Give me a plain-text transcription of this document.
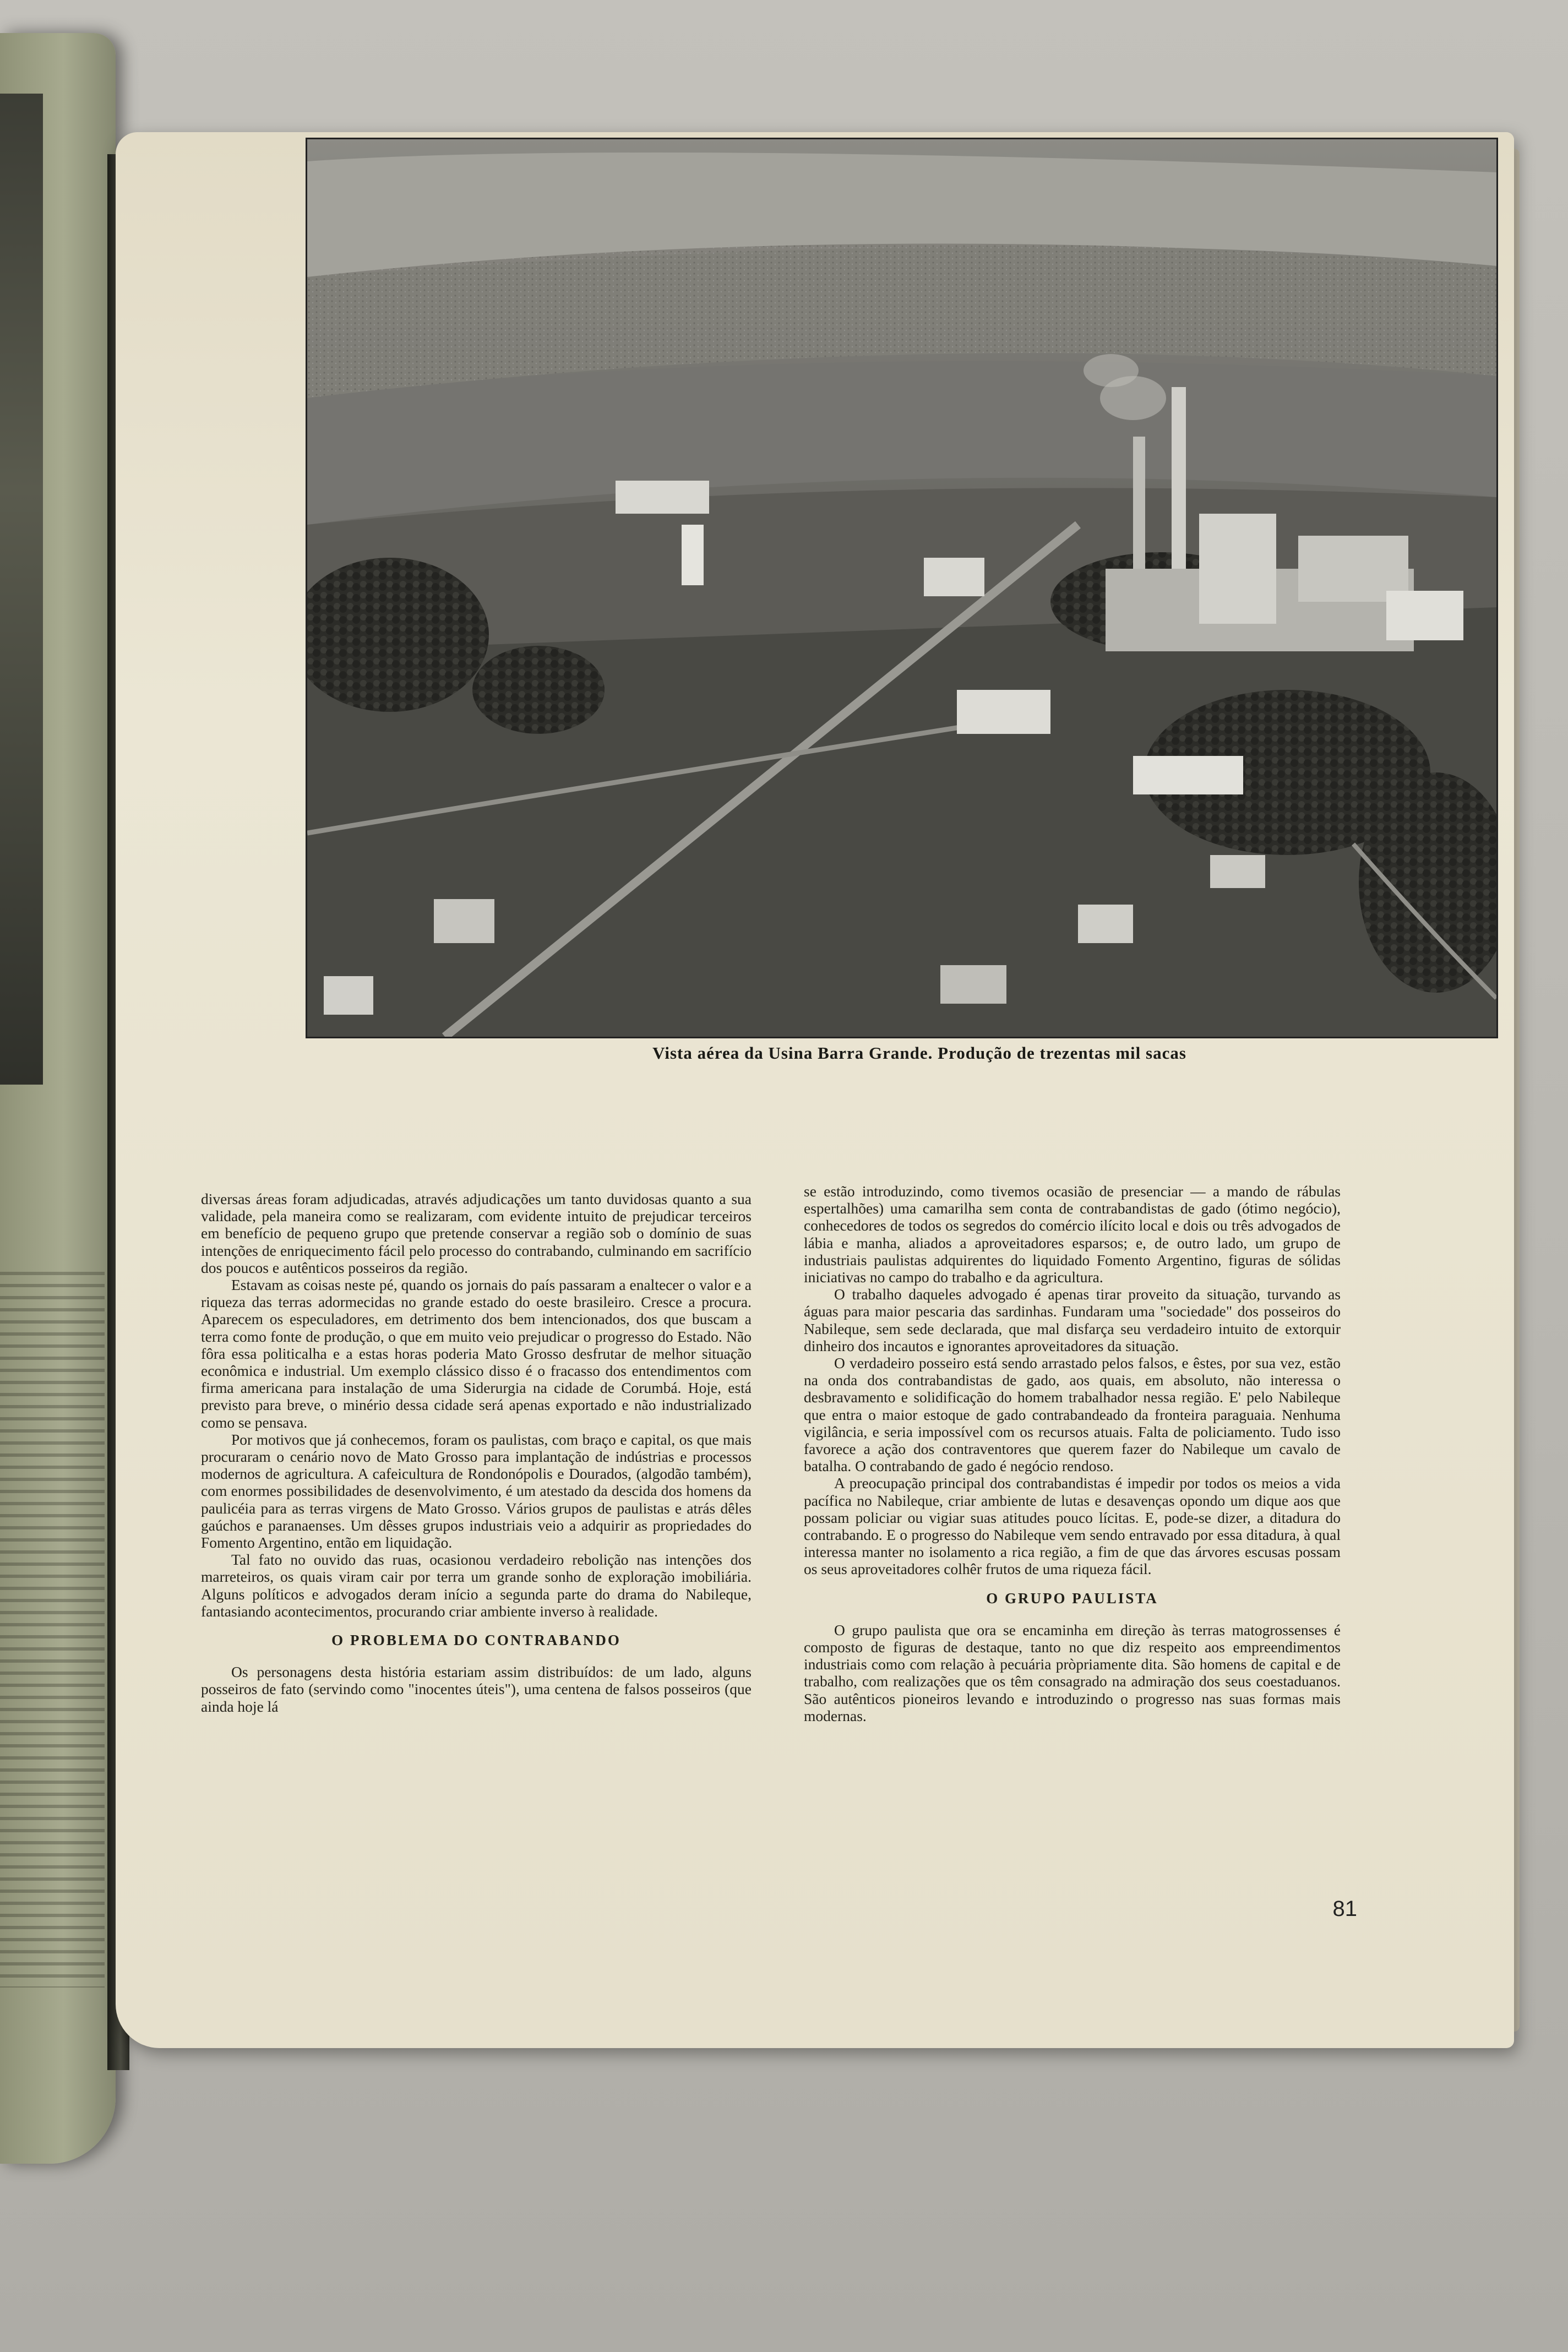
Vista aérea da Usina Barra Grande. Produção de trezentas mil sacas

diversas áreas foram adjudicadas, através adjudicações um tanto duvidosas quanto a sua validade, pela maneira como se realizaram, com evidente intuito de prejudicar terceiros em benefício de pequeno grupo que pretende conservar a região sob o domínio de suas intenções de enriquecimento fácil pelo processo do contrabando, culminando em sacrifício dos poucos e autênticos posseiros da região.

Estavam as coisas neste pé, quando os jornais do país passaram a enaltecer o valor e a riqueza das terras adormecidas no grande estado do oeste brasileiro. Cresce a procura. Aparecem os especuladores, em detrimento dos bem intencionados, dos que buscam a terra como fonte de produção, o que em muito veio prejudicar o progresso do Estado. Não fôra essa politicalha e a estas horas poderia Mato Grosso desfrutar de melhor situação econômica e industrial. Um exemplo clássico disso é o fracasso dos entendimentos com firma americana para instalação de uma Siderurgia na cidade de Corumbá. Hoje, está previsto para breve, o minério dessa cidade será apenas exportado e não industrializado como se pensava.

Por motivos que já conhecemos, foram os paulistas, com braço e capital, os que mais procuraram o cenário novo de Mato Grosso para implantação de indústrias e processos modernos de agricultura. A cafeicultura de Rondonópolis e Dourados, (algodão também), com enormes possibilidades de desenvolvimento, é um atestado da descida dos homens da paulicéia para as terras virgens de Mato Grosso. Vários grupos de paulistas e atrás dêles gaúchos e paranaenses. Um dêsses grupos industriais veio a adquirir as propriedades do Fomento Argentino, então em liquidação.

Tal fato no ouvido das ruas, ocasionou verdadeiro rebolição nas intenções dos marreteiros, os quais viram cair por terra um grande sonho de exploração imobiliária. Alguns políticos e advogados deram início a segunda parte do drama do Nabileque, fantasiando acontecimentos, procurando criar ambiente inverso à realidade.

O PROBLEMA DO CONTRABANDO

Os personagens desta história estariam assim distribuídos: de um lado, alguns posseiros de fato (servindo como "inocentes úteis"), uma centena de falsos posseiros (que ainda hoje lá

se estão introduzindo, como tivemos ocasião de presenciar — a mando de rábulas espertalhões) uma camarilha sem conta de contrabandistas de gado (ótimo negócio), conhecedores de todos os segredos do comércio ilícito local e dois ou três advogados de lábia e manha, aliados a aproveitadores esparsos; e, de outro lado, um grupo de industriais paulistas adquirentes do liquidado Fomento Argentino, figuras de sólidas iniciativas no campo do trabalho e da agricultura.

O trabalho daqueles advogado é apenas tirar proveito da situação, turvando as águas para maior pescaria das sardinhas. Fundaram uma "sociedade" dos posseiros do Nabileque, sem sede declarada, que mal disfarça seu verdadeiro intuito de extorquir dinheiro dos incautos e ignorantes aproveitadores da situação.

O verdadeiro posseiro está sendo arrastado pelos falsos, e êstes, por sua vez, estão na onda dos contrabandistas de gado, aos quais, em absoluto, não interessa o desbravamento e solidificação do homem trabalhador nessa região. E' pelo Nabileque que entra o maior estoque de gado contrabandeado da fronteira paraguaia. Nenhuma vigilância, e seria impossível com os recursos atuais. Falta de policiamento. Tudo isso favorece a ação dos contraventores que querem fazer do Nabileque um cavalo de batalha. O contrabando de gado é negócio rendoso.

A preocupação principal dos contrabandistas é impedir por todos os meios a vida pacífica no Nabileque, criar ambiente de lutas e desavenças opondo um dique aos que possam policiar ou vigiar suas atitudes pouco lícitas. E, pode-se dizer, a ditadura do contrabando. E o progresso do Nabileque vem sendo entravado por essa ditadura, à qual interessa manter no isolamento a rica região, a fim de que das árvores escusas possam os seus aproveitadores colhêr frutos de uma riqueza fácil.

O GRUPO PAULISTA

O grupo paulista que ora se encaminha em direção às terras matogrossenses é composto de figuras de destaque, tanto no que diz respeito aos empreendimentos industriais como com relação à pecuária pròpriamente dita. São homens de capital e de trabalho, com realizações que os têm consagrado na admiração dos seus coestaduanos. São autênticos pioneiros levando e introduzindo o progresso nas suas formas mais modernas.

81
